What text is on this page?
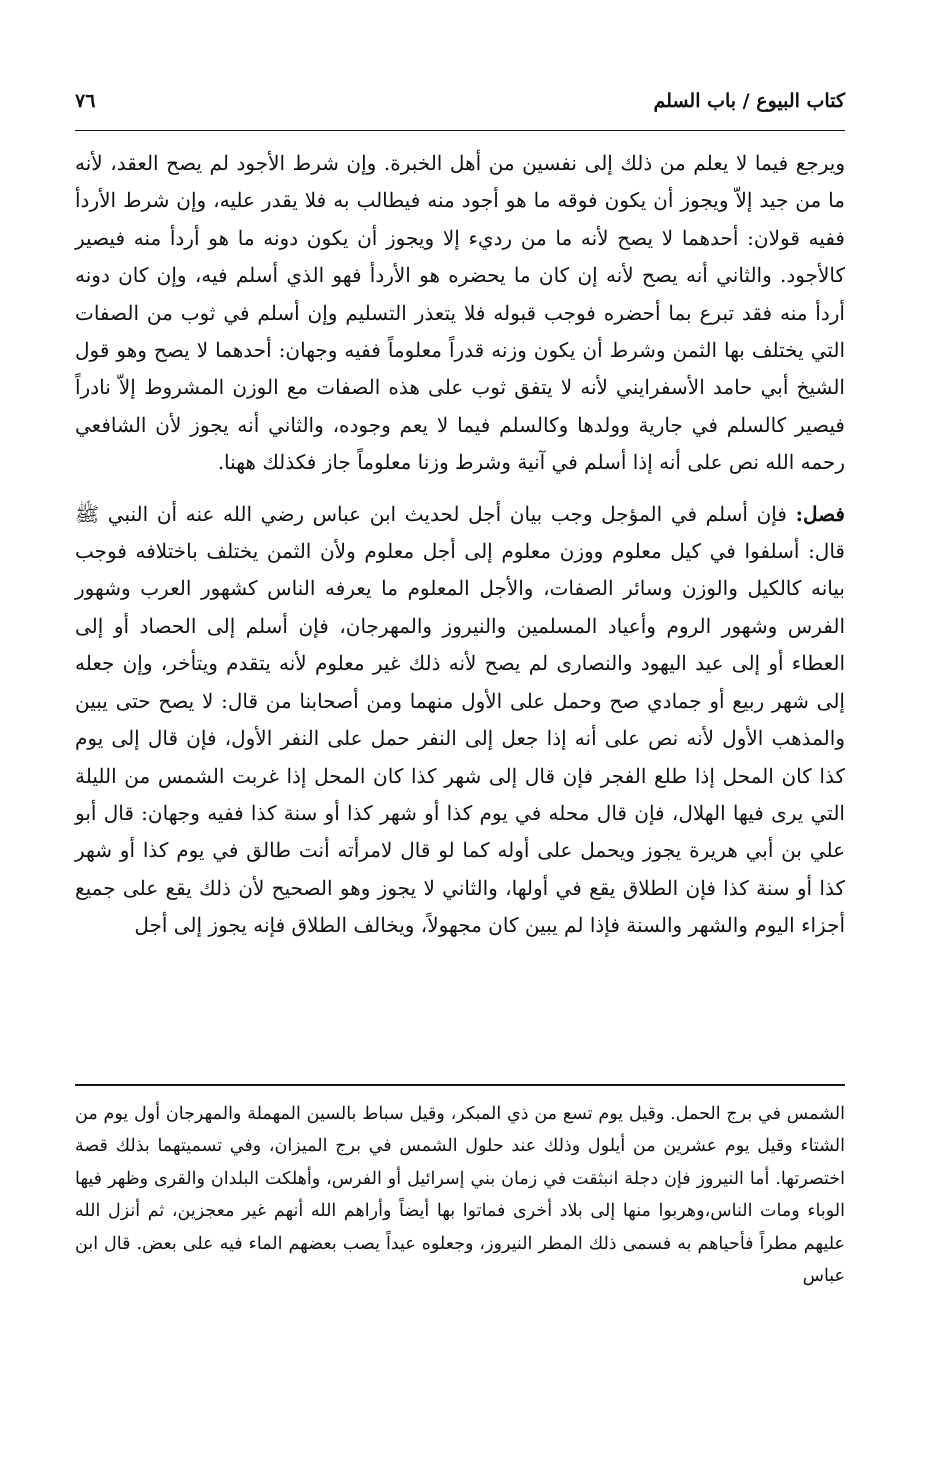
كتاب البيوع / باب السلم
٧٦

ويرجع فيما لا يعلم من ذلك إلى نفسين من أهل الخبرة. وإن شرط الأجود لم يصح العقد، لأنه ما من جيد إلاّ ويجوز أن يكون فوقه ما هو أجود منه فيطالب به فلا يقدر عليه، وإن شرط الأردأ ففيه قولان: أحدهما لا يصح لأنه ما من رديء إلا ويجوز أن يكون دونه ما هو أردأ منه فيصير كالأجود. والثاني أنه يصح لأنه إن كان ما يحضره هو الأردأ فهو الذي أسلم فيه، وإن كان دونه أردأ منه فقد تبرع بما أحضره فوجب قبوله فلا يتعذر التسليم وإن أسلم في ثوب من الصفات التي يختلف بها الثمن وشرط أن يكون وزنه قدراً معلوماً ففيه وجهان: أحدهما لا يصح وهو قول الشيخ أبي حامد الأسفرايني لأنه لا يتفق ثوب على هذه الصفات مع الوزن المشروط إلاّ نادراً فيصير كالسلم في جارية وولدها وكالسلم فيما لا يعم وجوده، والثاني أنه يجوز لأن الشافعي رحمه الله نص على أنه إذا أسلم في آنية وشرط وزنا معلوماً جاز فكذلك ههنا.

فصل: فإن أسلم في المؤجل وجب بيان أجل لحديث ابن عباس رضي الله عنه أن النبي ﷺ قال: أسلفوا في كيل معلوم ووزن معلوم إلى أجل معلوم ولأن الثمن يختلف باختلافه فوجب بيانه كالكيل والوزن وسائر الصفات، والأجل المعلوم ما يعرفه الناس كشهور العرب وشهور الفرس وشهور الروم وأعياد المسلمين والنيروز والمهرجان، فإن أسلم إلى الحصاد أو إلى العطاء أو إلى عيد اليهود والنصارى لم يصح لأنه ذلك غير معلوم لأنه يتقدم ويتأخر، وإن جعله إلى شهر ربيع أو جمادي صح وحمل على الأول منهما ومن أصحابنا من قال: لا يصح حتى يبين والمذهب الأول لأنه نص على أنه إذا جعل إلى النفر حمل على النفر الأول، فإن قال إلى يوم كذا كان المحل إذا طلع الفجر فإن قال إلى شهر كذا كان المحل إذا غربت الشمس من الليلة التي يرى فيها الهلال، فإن قال محله في يوم كذا أو شهر كذا أو سنة كذا ففيه وجهان: قال أبو علي بن أبي هريرة يجوز ويحمل على أوله كما لو قال لامرأته أنت طالق في يوم كذا أو شهر كذا أو سنة كذا فإن الطلاق يقع في أولها، والثاني لا يجوز وهو الصحيح لأن ذلك يقع على جميع أجزاء اليوم والشهر والسنة فإذا لم يبين كان مجهولاً، ويخالف الطلاق فإنه يجوز إلى أجل

الشمس في برج الحمل. وقيل يوم تسع من ذي المبكر، وقيل سباط بالسين المهملة والمهرجان أول يوم من الشتاء وقيل يوم عشرين من أيلول وذلك عند حلول الشمس في برج الميزان، وفي تسميتهما بذلك قصة اختصرتها. أما النيروز فإن دجلة انبثقت في زمان بني إسرائيل أو الفرس، وأهلكت البلدان والقرى وظهر فيها الوباء ومات الناس،وهربوا منها إلى بلاد أخرى فماتوا بها أيضاً وأراهم الله أنهم غير معجزين، ثم أنزل الله عليهم مطراً فأحياهم به فسمى ذلك المطر النيروز، وجعلوه عيداً يصب بعضهم الماء فيه على بعض. قال ابن عباس
